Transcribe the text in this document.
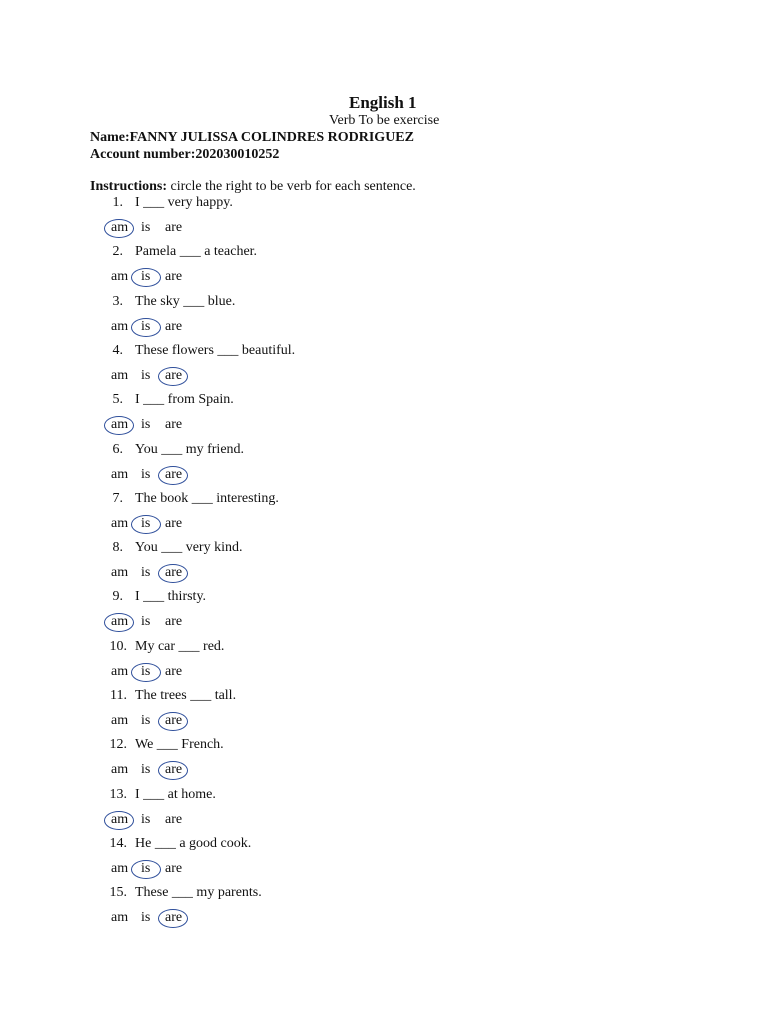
English 1
Verb To be exercise
Name:FANNY JULISSA COLINDRES RODRIGUEZ
Account number:202030010252
Instructions: circle the right to be verb for each sentence.
1. I ___ very happy.
am is are
2. Pamela ___ a teacher.
am is are
3. The sky ___ blue.
am is are
4. These flowers ___ beautiful.
am is are
5. I ___ from Spain.
am is are
6. You ___ my friend.
am is are
7. The book ___ interesting.
am is are
8. You ___ very kind.
am is are
9. I ___ thirsty.
am is are
10. My car ___ red.
am is are
11. The trees ___ tall.
am is are
12. We ___ French.
am is are
13. I ___ at home.
am is are
14. He ___ a good cook.
am is are
15. These ___ my parents.
am is are
